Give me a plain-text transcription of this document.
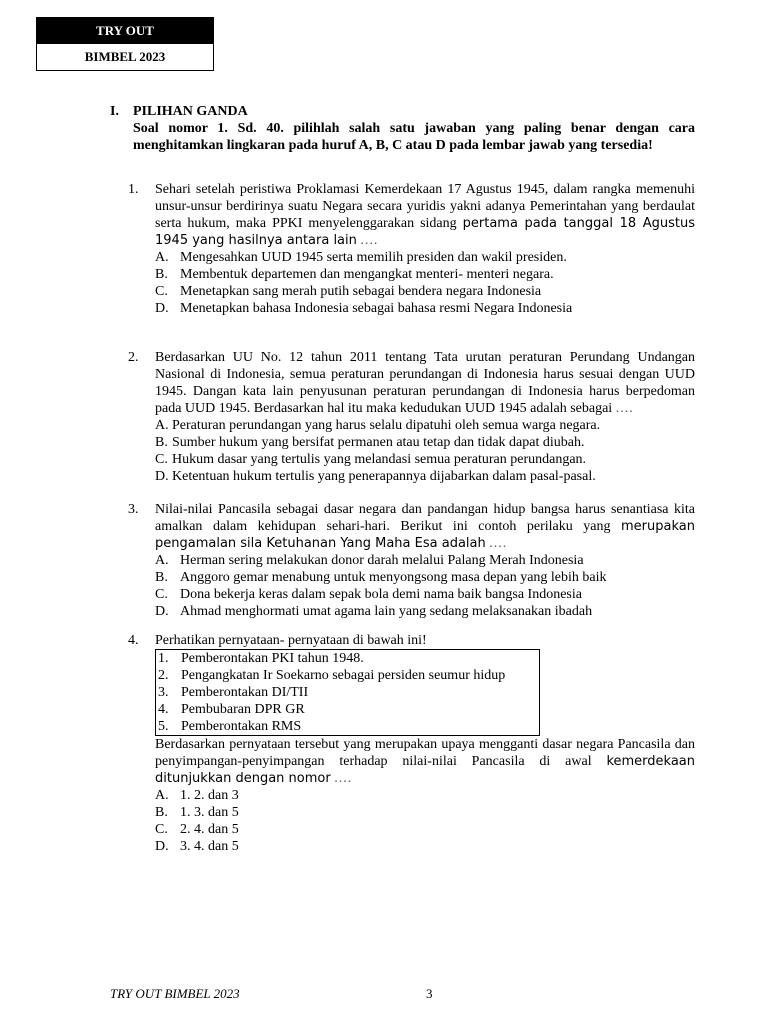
TRY OUT
BIMBEL 2023
I. PILIHAN GANDA
Soal nomor 1. Sd. 40. pilihlah salah satu jawaban yang paling benar dengan cara menghitamkan lingkaran pada huruf A, B, C atau D pada lembar jawab yang tersedia!
1.	Sehari setelah peristiwa Proklamasi Kemerdekaan 17 Agustus 1945, dalam rangka memenuhi unsur-unsur berdirinya suatu Negara secara yuridis yakni adanya Pemerintahan yang berdaulat serta hukum, maka PPKI menyelenggarakan sidang pertama pada tanggal 18 Agustus 1945 yang hasilnya antara lain ....
A. Mengesahkan UUD 1945 serta memilih presiden dan wakil presiden.
B. Membentuk departemen dan mengangkat menteri- menteri negara.
C. Menetapkan sang merah putih sebagai bendera negara Indonesia
D. Menetapkan bahasa Indonesia sebagai bahasa resmi Negara Indonesia
2.	Berdasarkan UU No. 12 tahun 2011 tentang Tata urutan peraturan Perundang Undangan Nasional di Indonesia, semua peraturan perundangan di Indonesia harus sesuai dengan UUD 1945. Dangan kata lain penyusunan peraturan perundangan di Indonesia harus berpedoman pada UUD 1945. Berdasarkan hal itu maka kedudukan UUD 1945 adalah sebagai ....
A. Peraturan perundangan yang harus selalu dipatuhi oleh semua warga negara.
B. Sumber hukum yang bersifat permanen atau tetap dan tidak dapat diubah.
C. Hukum dasar yang tertulis yang melandasi semua peraturan perundangan.
D. Ketentuan hukum tertulis yang penerapannya dijabarkan dalam pasal-pasal.
3.	Nilai-nilai Pancasila sebagai dasar negara dan pandangan hidup bangsa harus senantiasa kita amalkan dalam kehidupan sehari-hari. Berikut ini contoh perilaku yang merupakan pengamalan sila Ketuhanan Yang Maha Esa adalah ....
A. Herman sering melakukan donor darah melalui Palang Merah Indonesia
B. Anggoro gemar menabung untuk menyongsong masa depan yang lebih baik
C. Dona bekerja keras dalam sepak bola demi nama baik bangsa Indonesia
D. Ahmad menghormati umat agama lain yang sedang melaksanakan ibadah
4.	Perhatikan pernyataan- pernyataan di bawah ini!
1. Pemberontakan PKI tahun 1948.
2. Pengangkatan Ir Soekarno sebagai persiden seumur hidup
3. Pemberontakan DI/TII
4. Pembubaran DPR GR
5. Pemberontakan RMS
Berdasarkan pernyataan tersebut yang merupakan upaya mengganti dasar negara Pancasila dan penyimpangan-penyimpangan terhadap nilai-nilai Pancasila di awal kemerdekaan ditunjukkan dengan nomor ....
A. 1. 2. dan 3
B. 1. 3. dan 5
C. 2. 4. dan 5
D. 3. 4. dan 5
TRY OUT BIMBEL 2023	3
